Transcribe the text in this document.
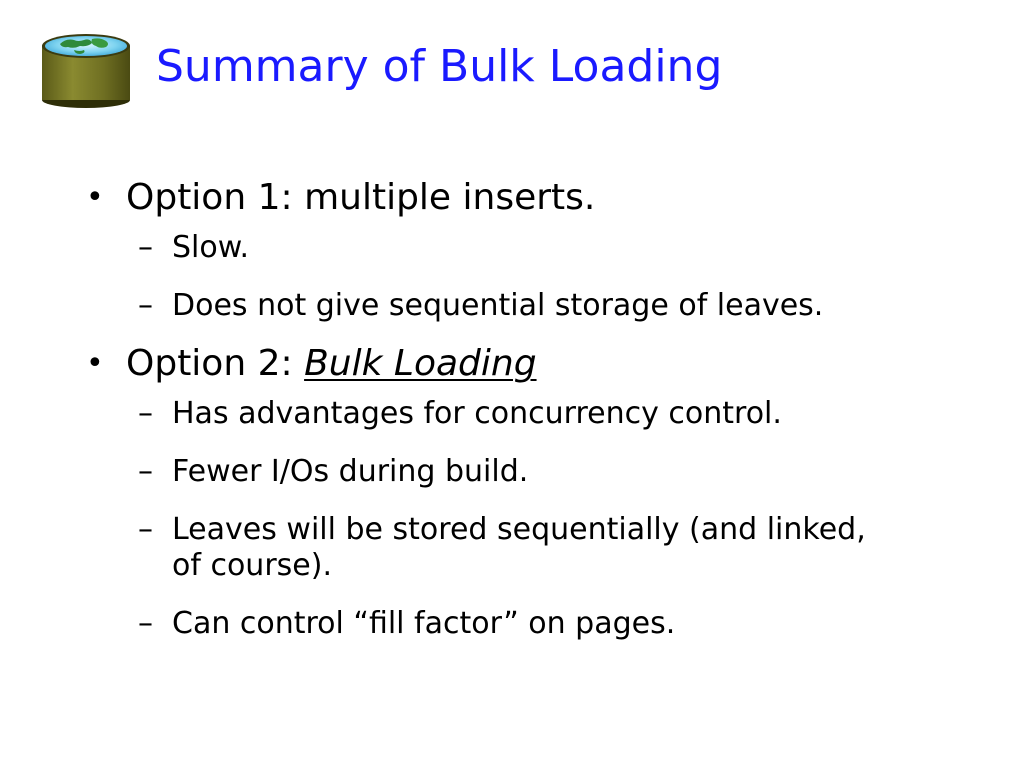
Summary of Bulk Loading
• Option 1: multiple inserts.
– Slow.
– Does not give sequential storage of leaves.
• Option 2: Bulk Loading
– Has advantages for concurrency control.
– Fewer I/Os during build.
– Leaves will be stored sequentially (and linked, of course).
– Can control “fill factor” on pages.
